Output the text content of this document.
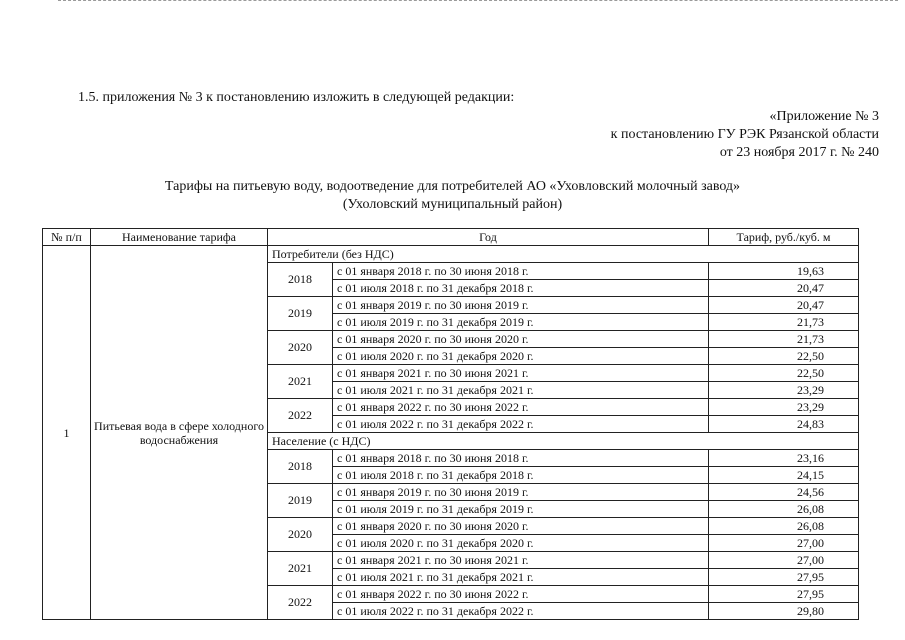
1.5. приложения № 3 к постановлению изложить в следующей редакции:
«Приложение № 3
к постановлению ГУ РЭК Рязанской области
от 23 ноября 2017 г. № 240
Тарифы на питьевую воду, водоотведение для потребителей АО «Уховловский молочный завод»
(Ухоловский муниципальный район)
№ п/п	Наименование тарифа	Год		Тариф, руб./куб. м
1	Питьевая вода в сфере холодного водоснабжения	Потребители (без НДС)		
		2018	с 01 января 2018 г. по 30 июня 2018 г.	19,63
			с 01 июля 2018 г. по 31 декабря 2018 г.	20,47
		2019	с 01 января 2019 г. по 30 июня 2019 г.	20,47
			с 01 июля 2019 г. по 31 декабря 2019 г.	21,73
		2020	с 01 января 2020 г. по 30 июня 2020 г.	21,73
			с 01 июля 2020 г. по 31 декабря 2020 г.	22,50
		2021	с 01 января 2021 г. по 30 июня 2021 г.	22,50
			с 01 июля 2021 г. по 31 декабря 2021 г.	23,29
		2022	с 01 января 2022 г. по 30 июня 2022 г.	23,29
			с 01 июля 2022 г. по 31 декабря 2022 г.	24,83
		Население (с НДС)		
		2018	с 01 января 2018 г. по 30 июня 2018 г.	23,16
			с 01 июля 2018 г. по 31 декабря 2018 г.	24,15
		2019	с 01 января 2019 г. по 30 июня 2019 г.	24,56
			с 01 июля 2019 г. по 31 декабря 2019 г.	26,08
		2020	с 01 января 2020 г. по 30 июня 2020 г.	26,08
			с 01 июля 2020 г. по 31 декабря 2020 г.	27,00
		2021	с 01 января 2021 г. по 30 июня 2021 г.	27,00
			с 01 июля 2021 г. по 31 декабря 2021 г.	27,95
		2022	с 01 января 2022 г. по 30 июня 2022 г.	27,95
			с 01 июля 2022 г. по 31 декабря 2022 г.	29,80
